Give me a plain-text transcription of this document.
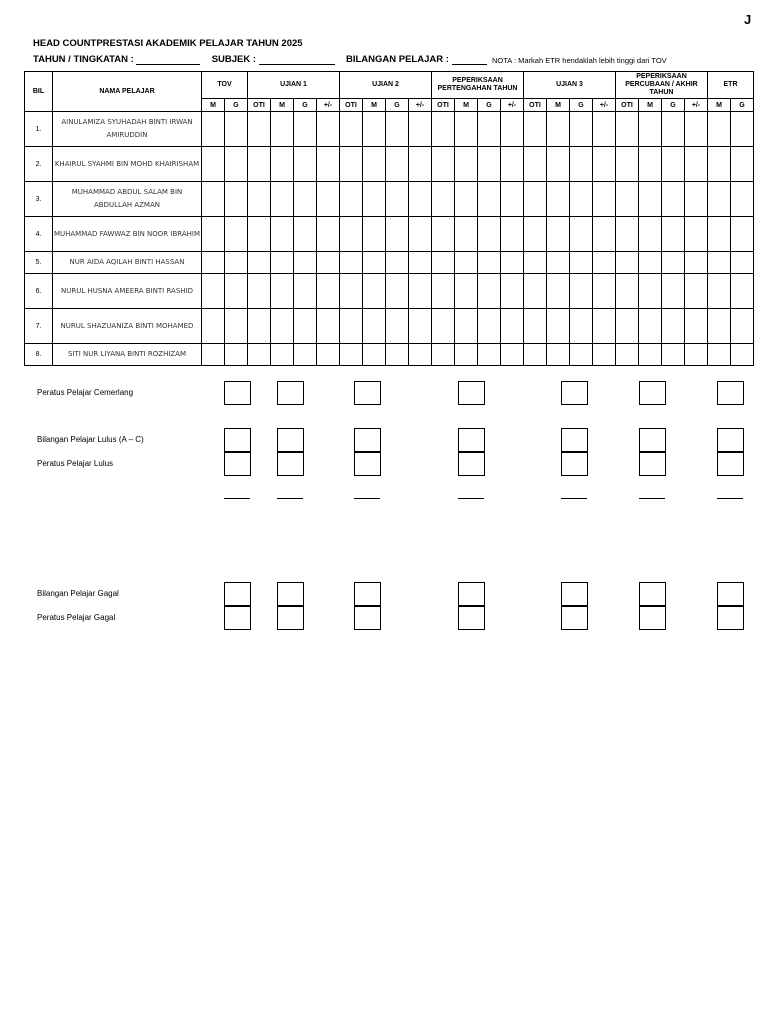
J
HEAD COUNTPRESTASI AKADEMIK PELAJAR TAHUN 2025
TAHUN / TINGKATAN :	SUBJEK :	BILANGAN PELAJAR :	NOTA : Markah ETR hendaklah lebih tinggi dari TOV
BIL	NAMA PELAJAR	TOV		UJIAN 1				UJIAN 2				PEPERIKSAAN PERTENGAHAN TAHUN				UJIAN 3				PEPERIKSAAN PERCUBAAN / AKHIR TAHUN				ETR	
		M	G	OTI	M	G	+/-	OTI	M	G	+/-	OTI	M	G	+/-	OTI	M	G	+/-	OTI	M	G	+/-	M	G
1.	AINULAMIZA SYUHADAH BINTI IRWAN AMIRUDDIN																								
2.	KHAIRUL SYAHMI BIN MOHD KHAIRISHAM																								
3.	MUHAMMAD ABDUL SALAM BIN ABDULLAH AZMAN																								
4.	MUHAMMAD FAWWAZ BIN NOOR IBRAHIM																								
5.	NUR AIDA AQILAH BINTI HASSAN																								
6.	NURUL HUSNA AMEERA BINTI RASHID																								
7.	NURUL SHAZUANIZA BINTI MOHAMED																								
8.	SITI NUR LIYANA BINTI ROZHIZAM																								
Peratus Pelajar Cemerlang
Bilangan Pelajar Lulus (A – C)
Peratus Pelajar Lulus
Bilangan Pelajar Gagal
Peratus Pelajar Gagal
